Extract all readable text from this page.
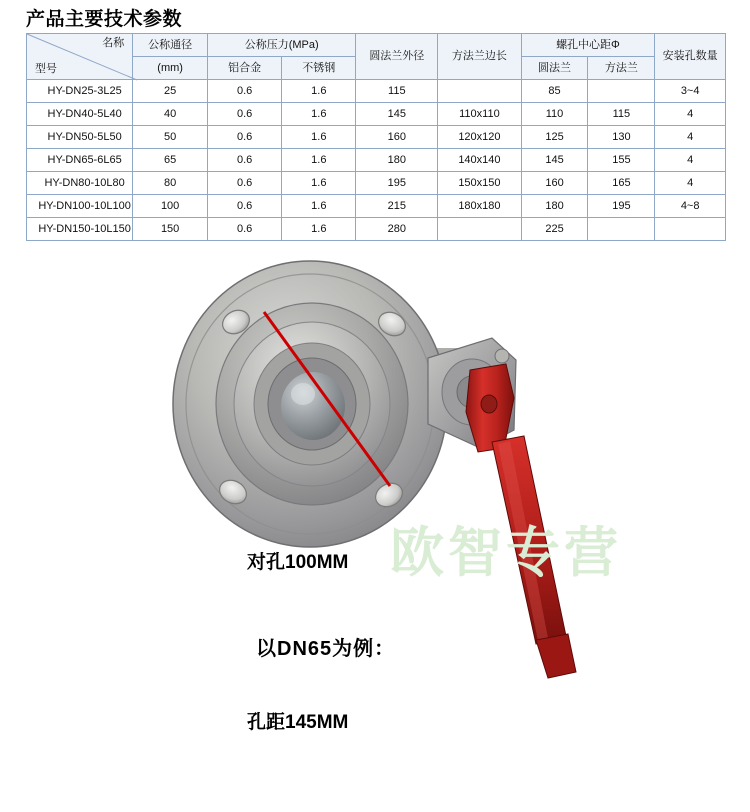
产品主要技术参数
名称
型号	公称通径	公称压力(MPa)		圆法兰外径	方法兰边长	螺孔中心距Φ		安装孔数量
	(mm)	铝合金	不锈钢			圆法兰	方法兰	
HY-DN25-3L25	25	0.6	1.6	115		85		3~4
HY-DN40-5L40	40	0.6	1.6	145	110x110	110	115	4
HY-DN50-5L50	50	0.6	1.6	160	120x120	125	130	4
HY-DN65-6L65	65	0.6	1.6	180	140x140	145	155	4
HY-DN80-10L80	80	0.6	1.6	195	150x150	160	165	4
HY-DN100-10L100	100	0.6	1.6	215	180x180	180	195	4~8
HY-DN150-10L150	150	0.6	1.6	280		225		
欧智专营
对孔100MM
孔距145MM
以DN65为例：
